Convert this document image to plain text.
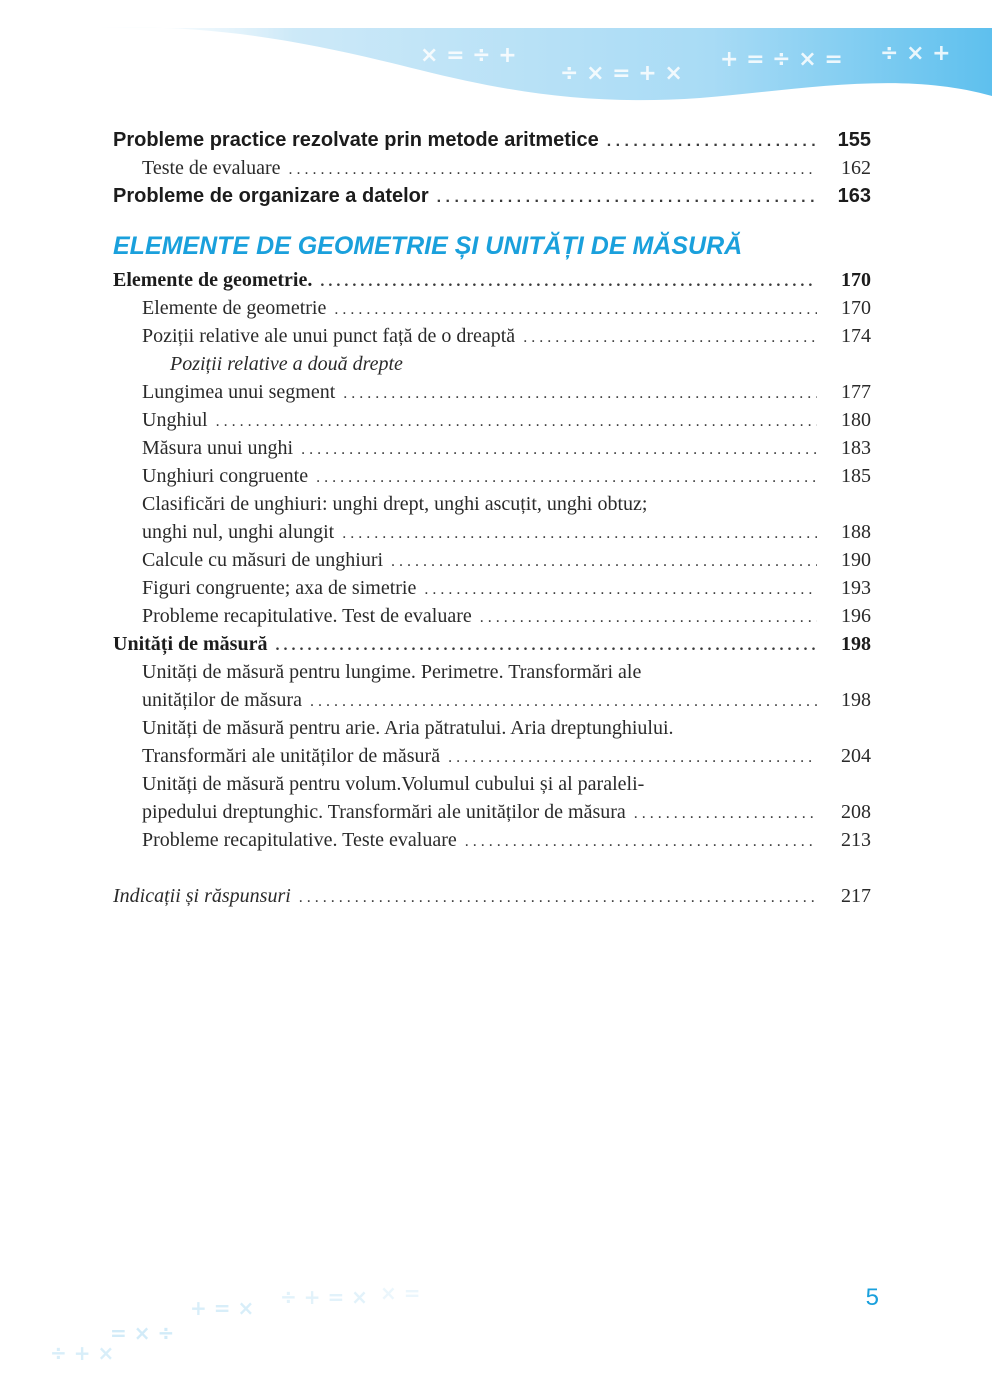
÷ + ×
= × +
+ ÷ =
× = ÷ +
÷ × = + ×
+ = ÷ × = ÷ × +
÷ + ×
= × ÷
+ = × ÷ + = × × =
Probleme practice rezolvate prin metode aritmetice . . .	155
Teste de evaluare . . .	162
Probleme de organizare a datelor . . .	163
ELEMENTE DE GEOMETRIE ȘI UNITĂȚI DE MĂSURĂ
Elemente de geometrie. . . .	170
Elemente de geometrie . . .	170
Poziții relative ale unui punct față de o dreaptă . . .	174
Poziții relative a două drepte
Lungimea unui segment . . .	177
Unghiul . . .	180
Măsura unui unghi . . .	183
Unghiuri congruente . . .	185
Clasificări de unghiuri: unghi drept, unghi ascuțit, unghi obtuz;
unghi nul, unghi alungit . . .	188
Calcule cu măsuri de unghiuri . . .	190
Figuri congruente; axa de simetrie . . .	193
Probleme recapitulative. Test de evaluare . . .	196
Unități de măsură . . .	198
Unități de măsură pentru lungime. Perimetre. Transformări ale
unităților de măsura . . .	198
Unități de măsură pentru arie. Aria pătratului. Aria dreptunghiului.
Transformări ale unităților de măsură . . .	204
Unități de măsură pentru volum.Volumul cubului și al paraleli-
pipedului dreptunghic. Transformări ale unităților de măsura . . .	208
Probleme recapitulative. Teste evaluare . . .	213
Indicații și răspunsuri . . .	217
5
